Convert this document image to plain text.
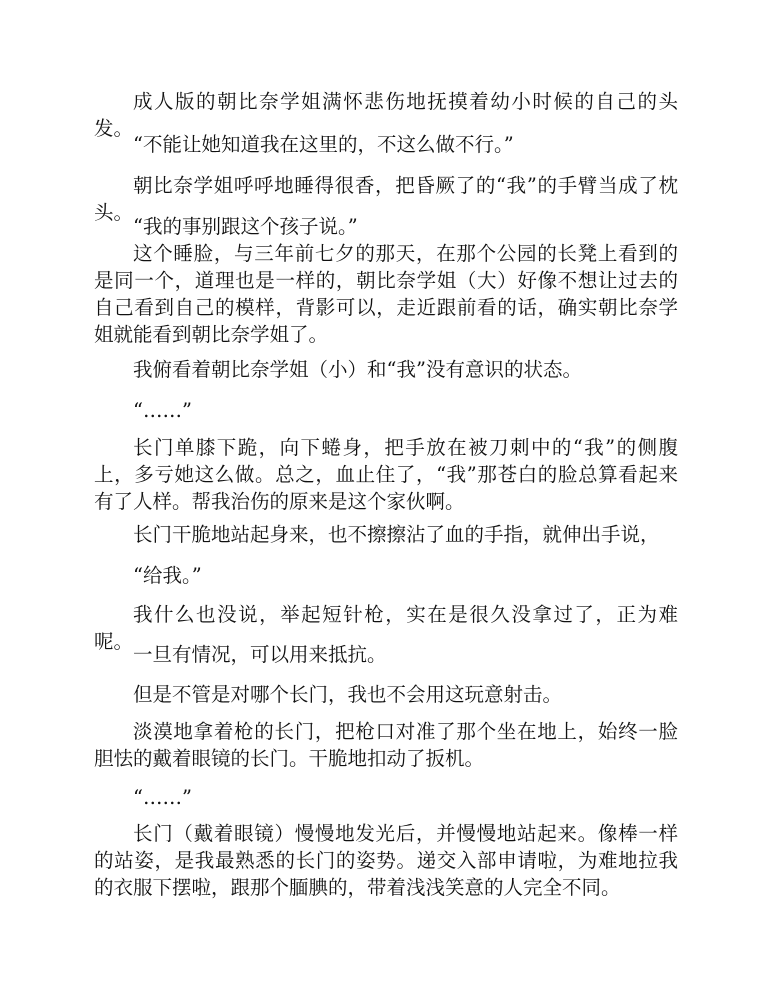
成人版的朝比奈学姐满怀悲伤地抚摸着幼小时候的自己的头发。

“不能让她知道我在这里的，不这么做不行。”

朝比奈学姐呼呼地睡得很香，把昏厥了的“我”的手臂当成了枕头。

“我的事别跟这个孩子说。”

这个睡脸，与三年前七夕的那天，在那个公园的长凳上看到的是同一个，道理也是一样的，朝比奈学姐（大）好像不想让过去的自己看到自己的模样，背影可以，走近跟前看的话，确实朝比奈学姐就能看到朝比奈学姐了。

我俯看着朝比奈学姐（小）和“我”没有意识的状态。

“……”

长门单膝下跪，向下蜷身，把手放在被刀刺中的“我”的侧腹上，多亏她这么做。总之，血止住了，“我”那苍白的脸总算看起来有了人样。帮我治伤的原来是这个家伙啊。

长门干脆地站起身来，也不擦擦沾了血的手指，就伸出手说，

“给我。”

我什么也没说，举起短针枪，实在是很久没拿过了，正为难呢。

一旦有情况，可以用来抵抗。

但是不管是对哪个长门，我也不会用这玩意射击。

淡漠地拿着枪的长门，把枪口对准了那个坐在地上，始终一脸胆怯的戴着眼镜的长门。干脆地扣动了扳机。

“……”

长门（戴着眼镜）慢慢地发光后，并慢慢地站起来。像棒一样的站姿，是我最熟悉的长门的姿势。递交入部申请啦，为难地拉我的衣服下摆啦，跟那个腼腆的，带着浅浅笑意的人完全不同。
